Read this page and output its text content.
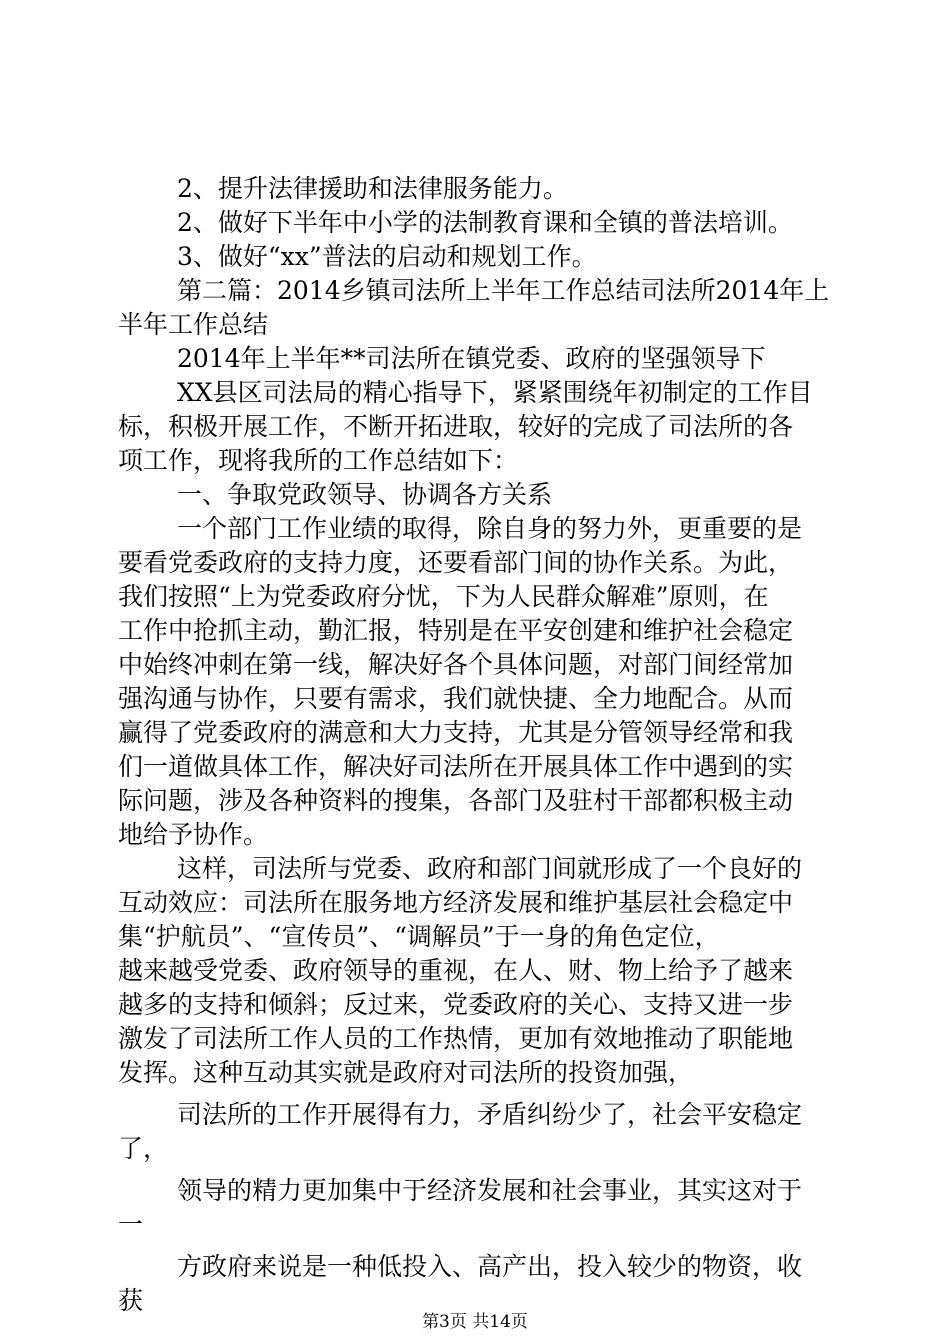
2、提升法律援助和法律服务能力。
2、做好下半年中小学的法制教育课和全镇的普法培训。
3、做好“xx”普法的启动和规划工作。
第二篇：2014乡镇司法所上半年工作总结司法所2014年上
半年工作总结
2014年上半年**司法所在镇党委、政府的坚强领导下
XX县区司法局的精心指导下，紧紧围绕年初制定的工作目
标，积极开展工作，不断开拓进取，较好的完成了司法所的各
项工作，现将我所的工作总结如下：
一、争取党政领导、协调各方关系
一个部门工作业绩的取得，除自身的努力外，更重要的是
要看党委政府的支持力度，还要看部门间的协作关系。为此，
我们按照“上为党委政府分忧，下为人民群众解难”原则，在
工作中抢抓主动，勤汇报，特别是在平安创建和维护社会稳定
中始终冲刺在第一线，解决好各个具体问题，对部门间经常加
强沟通与协作，只要有需求，我们就快捷、全力地配合。从而
赢得了党委政府的满意和大力支持，尤其是分管领导经常和我
们一道做具体工作，解决好司法所在开展具体工作中遇到的实
际问题，涉及各种资料的搜集，各部门及驻村干部都积极主动
地给予协作。
这样，司法所与党委、政府和部门间就形成了一个良好的
互动效应：司法所在服务地方经济发展和维护基层社会稳定中
集“护航员”、“宣传员”、“调解员”于一身的角色定位，
越来越受党委、政府领导的重视，在人、财、物上给予了越来
越多的支持和倾斜；反过来，党委政府的关心、支持又进一步
激发了司法所工作人员的工作热情，更加有效地推动了职能地
发挥。这种互动其实就是政府对司法所的投资加强，
司法所的工作开展得有力，矛盾纠纷少了，社会平安稳定
了，
领导的精力更加集中于经济发展和社会事业，其实这对于
一
方政府来说是一种低投入、高产出，投入较少的物资，收
获
第3页 共14页
